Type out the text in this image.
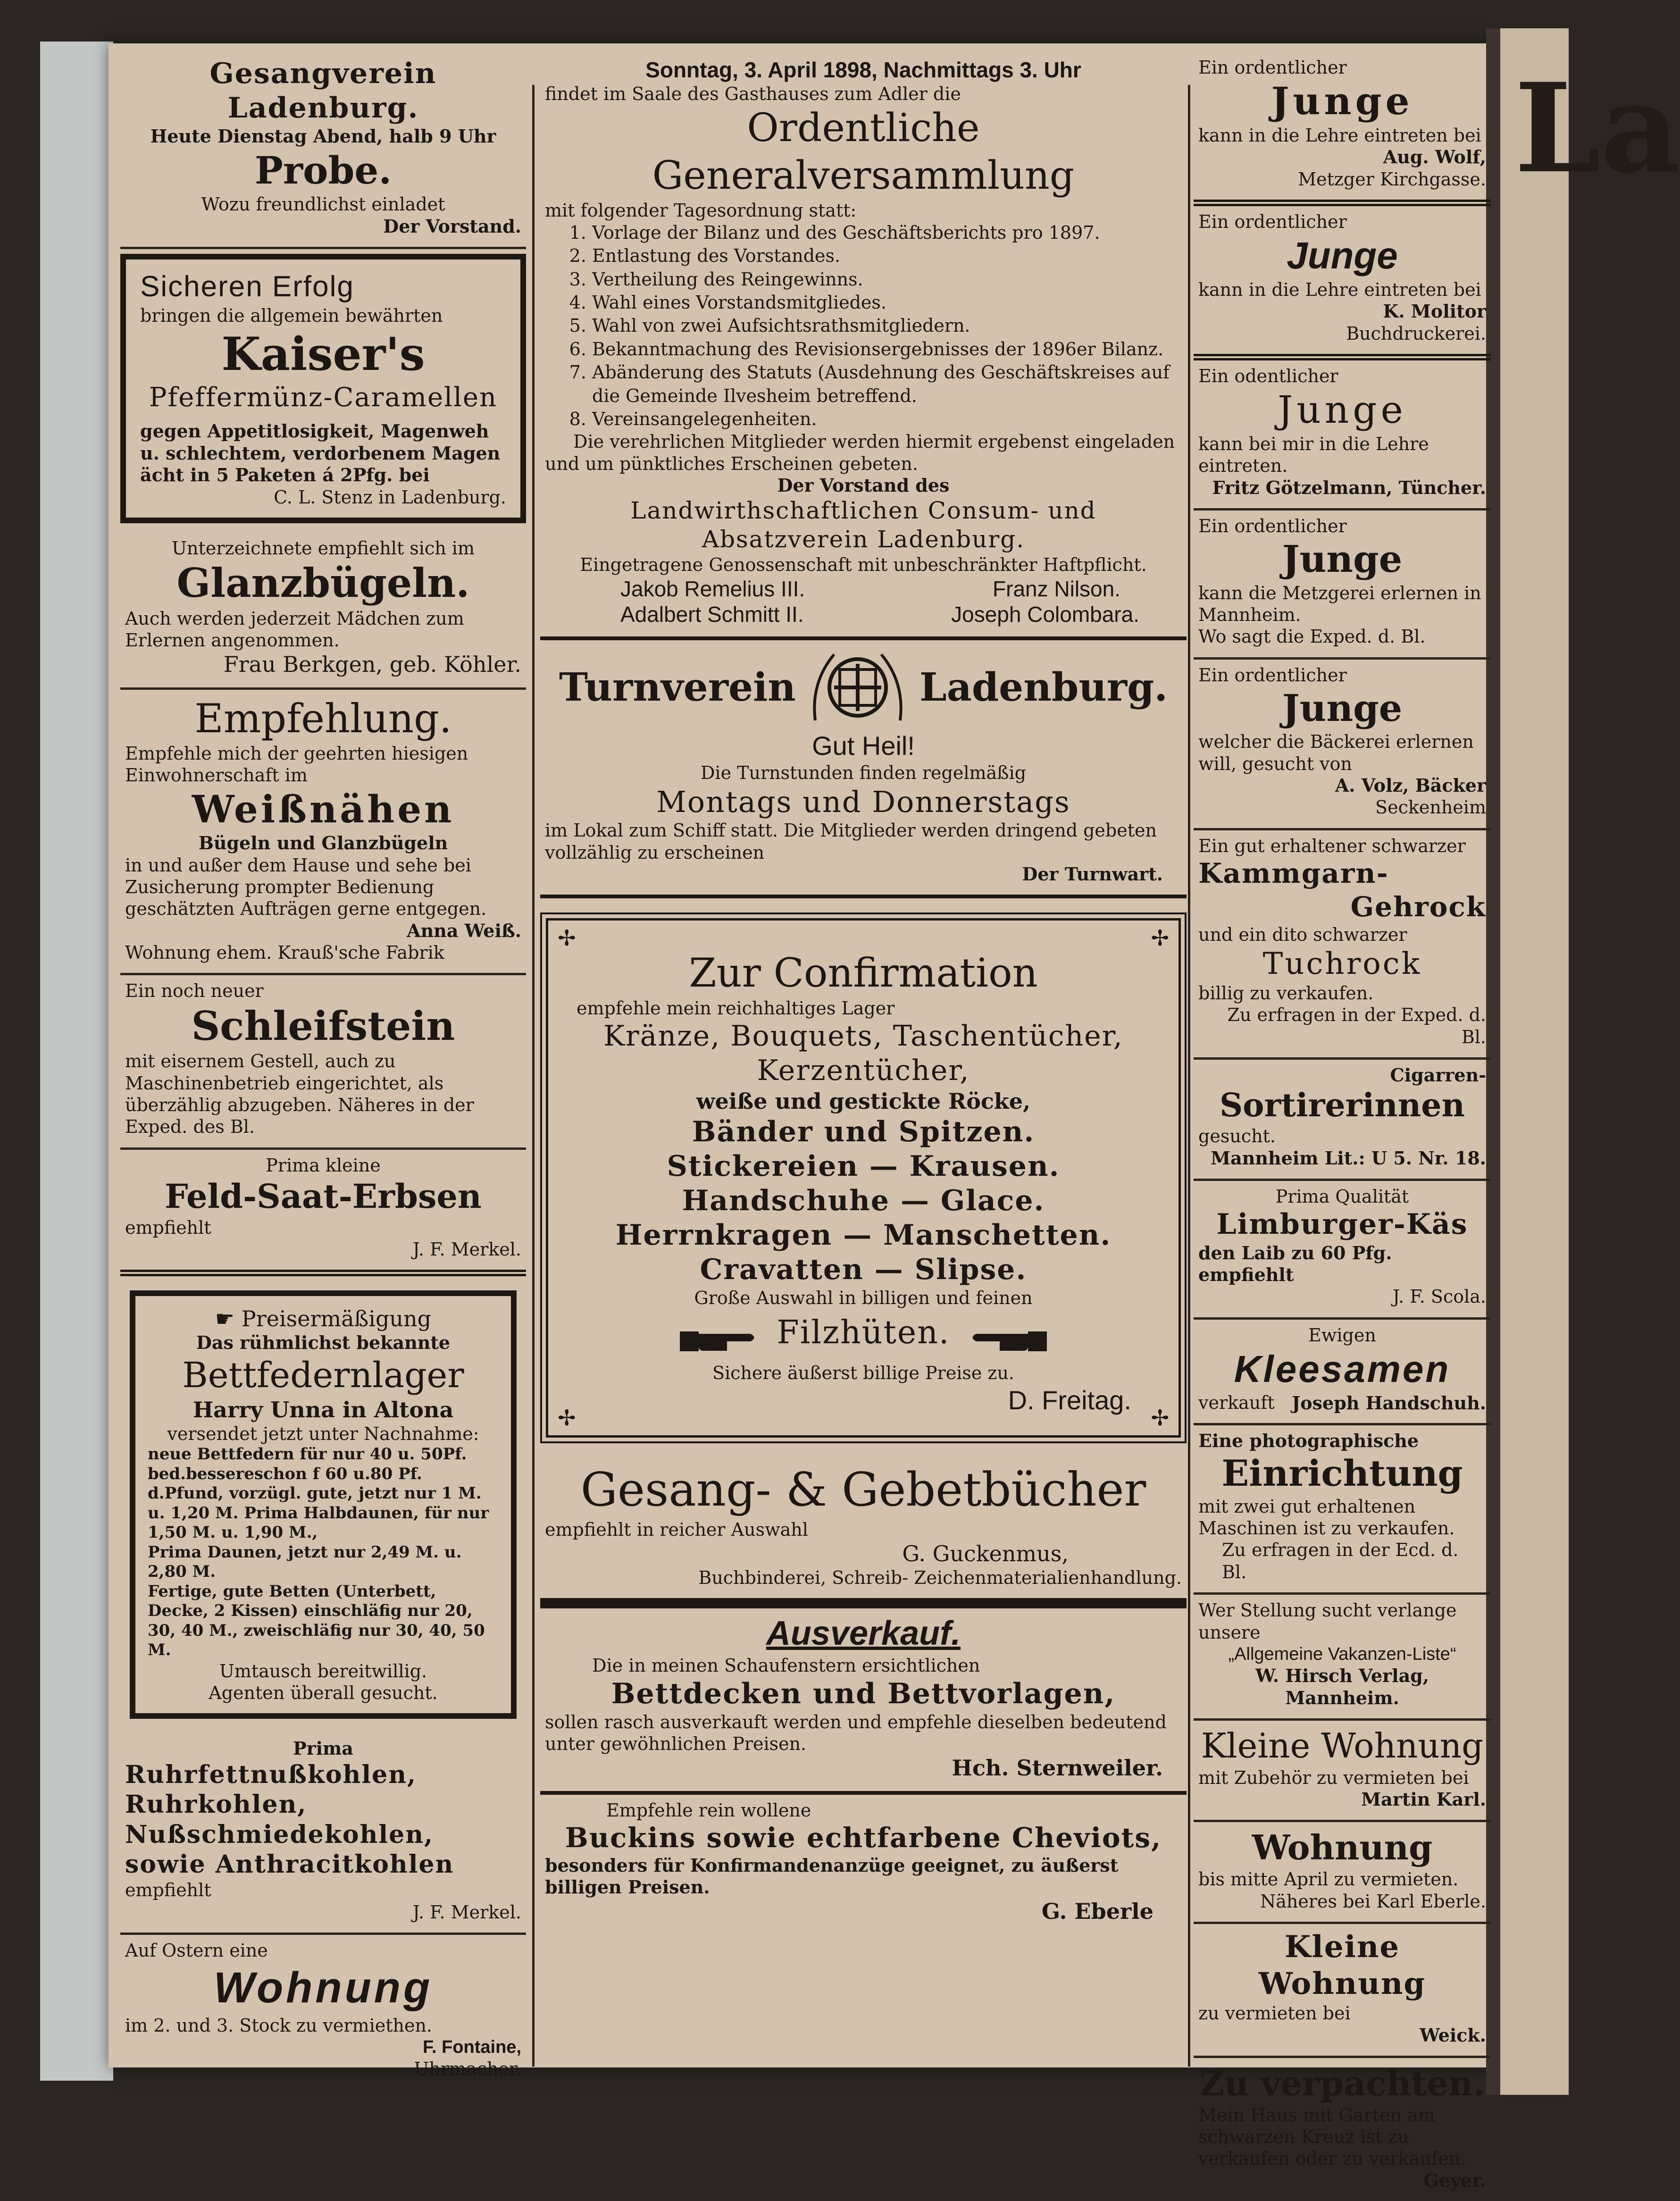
La
Gesangverein Ladenburg.
Heute Dienstag Abend, halb 9 Uhr
Probe.
Wozu freundlichst einladet
Der Vorstand.
Sicheren Erfolg
bringen die allgemein bewährten
Kaiser's
Pfeffermünz-Caramellen
gegen Appetitlosigkeit, Magenweh u. schlechtem, verdorbenem Magen ächt in 5 Paketen á 2Pfg. bei
C. L. Stenz in Ladenburg.
Unterzeichnete empfiehlt sich im
Glanzbügeln.
Auch werden jederzeit Mädchen zum Erlernen angenommen.
Frau Berkgen, geb. Köhler.
Empfehlung.
Empfehle mich der geehrten hiesigen Einwohnerschaft im
Weißnähen
Bügeln und Glanzbügeln
in und außer dem Hause und sehe bei Zusicherung prompter Bedienung geschätzten Aufträgen gerne entgegen.
Anna Weiß.
Wohnung ehem. Krauß'sche Fabrik
Ein noch neuer
Schleifstein
mit eisernem Gestell, auch zu Maschinenbetrieb eingerichtet, als überzählig abzugeben. Näheres in der Exped. des Bl.
Prima kleine
Feld-Saat-Erbsen
empfiehlt
J. F. Merkel.
☛ Preisermäßigung
Das rühmlichst bekannte
Bettfedernlager
Harry Unna in Altona
versendet jetzt unter Nachnahme:
neue Bettfedern für nur 40 u. 50Pf. bed.bessereschon f 60 u.80 Pf. d.Pfund, vorzügl. gute, jetzt nur 1 M. u. 1,20 M. Prima Halbdaunen, für nur 1,50 M. u. 1,90 M.,
Prima Daunen, jetzt nur 2,49 M. u. 2,80 M.
Fertige, gute Betten (Unterbett, Decke, 2 Kissen) einschläfig nur 20, 30, 40 M., zweischläfig nur 30, 40, 50 M.
Umtausch bereitwillig.
Agenten überall gesucht.
Prima
Ruhrfettnußkohlen,
Ruhrkohlen,
Nußschmiedekohlen,
sowie Anthracitkohlen
empfiehlt
J. F. Merkel.
Auf Ostern eine
Wohnung
im 2. und 3. Stock zu vermiethen.
F. Fontaine,
Uhrmacher.
Sonntag, 3. April 1898, Nachmittags 3. Uhr
findet im Saale des Gasthauses zum Adler die
Ordentliche Generalversammlung
mit folgender Tagesordnung statt:
1. Vorlage der Bilanz und des Geschäftsberichts pro 1897.
2. Entlastung des Vorstandes.
3. Vertheilung des Reingewinns.
4. Wahl eines Vorstandsmitgliedes.
5. Wahl von zwei Aufsichtsrathsmitgliedern.
6. Bekanntmachung des Revisionsergebnisses der 1896er Bilanz.
7. Abänderung des Statuts (Ausdehnung des Geschäftskreises auf die Gemeinde Ilvesheim betreffend.
8. Vereinsangelegenheiten.
Die verehrlichen Mitglieder werden hiermit ergebenst eingeladen und um pünktliches Erscheinen gebeten.
Der Vorstand des
Landwirthschaftlichen Consum- und Absatzverein Ladenburg.
Eingetragene Genossenschaft mit unbeschränkter Haftpflicht.
Jakob Remelius III.	Franz Nilson.
Adalbert Schmitt II.	Joseph Colombara.
Turnverein	Ladenburg.
Gut Heil!
Die Turnstunden finden regelmäßig
Montags und Donnerstags
im Lokal zum Schiff statt. Die Mitglieder werden dringend gebeten vollzählig zu erscheinen
Der Turnwart.
✢	✢
✢	✢
Zur Confirmation
empfehle mein reichhaltiges Lager
Kränze, Bouquets, Taschentücher,
Kerzentücher,
weiße und gestickte Röcke,
Bänder und Spitzen.
Stickereien — Krausen.
Handschuhe — Glace.
Herrnkragen — Manschetten.
Cravatten — Slipse.
Große Auswahl in billigen und feinen
Filzhüten.
Sichere äußerst billige Preise zu.
D. Freitag.
Gesang- & Gebetbücher
empfiehlt in reicher Auswahl
G. Guckenmus,
Buchbinderei, Schreib- Zeichenmaterialienhandlung.
Ausverkauf.
Die in meinen Schaufenstern ersichtlichen
Bettdecken und Bettvorlagen,
sollen rasch ausverkauft werden und empfehle dieselben bedeutend unter gewöhnlichen Preisen.
Hch. Sternweiler.
Empfehle rein wollene
Buckins sowie echtfarbene Cheviots,
besonders für Konfirmandenanzüge geeignet, zu äußerst billigen Preisen.
G. Eberle
Ein ordentlicher
Junge
kann in die Lehre eintreten bei
Aug. Wolf,
Metzger Kirchgasse.
Ein ordentlicher
Junge
kann in die Lehre eintreten bei
K. Molitor
Buchdruckerei.
Ein odentlicher
Junge
kann bei mir in die Lehre eintreten.
Fritz Götzelmann, Tüncher.
Ein ordentlicher
Junge
kann die Metzgerei erlernen in Mannheim.
Wo sagt die Exped. d. Bl.
Ein ordentlicher
Junge
welcher die Bäckerei erlernen will, gesucht von
A. Volz, Bäcker
Seckenheim
Ein gut erhaltener schwarzer
Kammgarn-
Gehrock
und ein dito schwarzer
Tuchrock
billig zu verkaufen.
Zu erfragen in der Exped. d. Bl.
Cigarren-
Sortirerinnen
gesucht.
Mannheim Lit.: U 5. Nr. 18.
Prima Qualität
Limburger-Käs
den Laib zu 60 Pfg. empfiehlt
J. F. Scola.
Ewigen
Kleesamen
verkauft Joseph Handschuh.
Eine photographische
Einrichtung
mit zwei gut erhaltenen Maschinen ist zu verkaufen.
Zu erfragen in der Ecd. d. Bl.
Wer Stellung sucht verlange unsere
„Allgemeine Vakanzen-Liste“
W. Hirsch Verlag, Mannheim.
Kleine Wohnung
mit Zubehör zu vermieten bei
Martin Karl.
Wohnung
bis mitte April zu vermieten.
Näheres bei Karl Eberle.
Kleine Wohnung
zu vermieten bei
Weick.
Zu verpachten.
Mein Haus mit Garten am schwarzen Kreuz ist zu verkaufen oder zu verkaufen.
Geyer.
